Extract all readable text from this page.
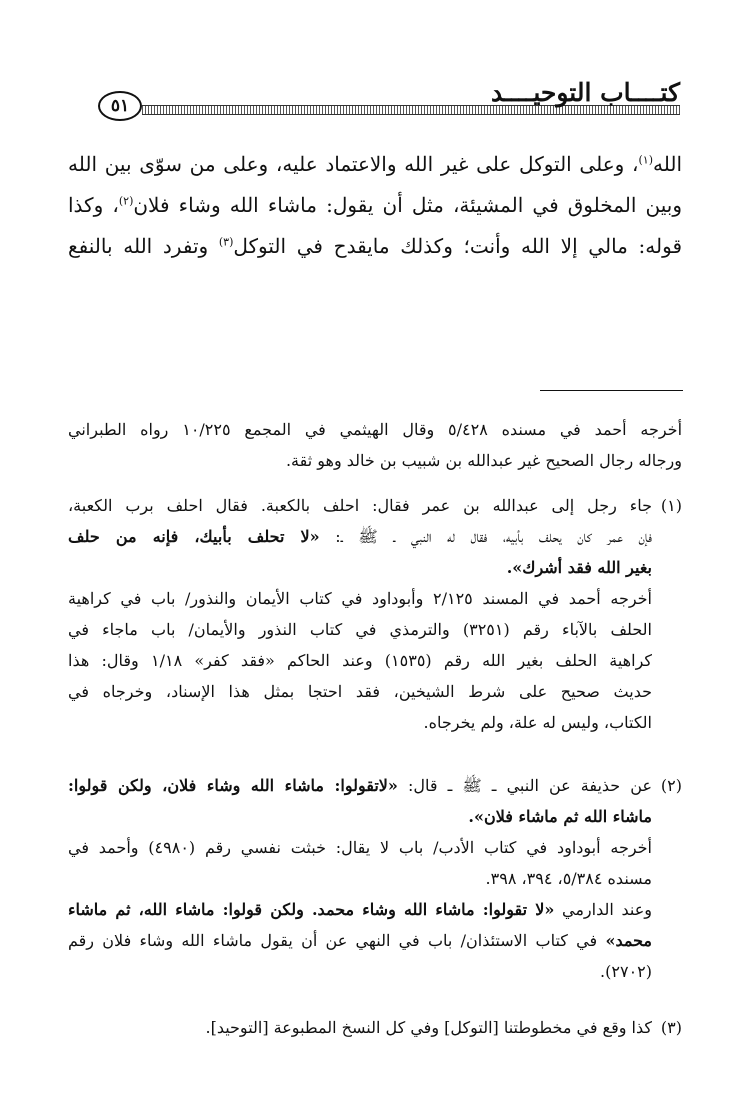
كتــــاب التوحيــــد
٥١
الله$^{(١)}$، وعلى التوكل على غير الله والاعتماد عليه، وعلى من سوّى بين الله
وبين المخلوق في المشيئة، مثل أن يقول: ماشاء الله وشاء فلان$^{(٢)}$، وكذا
قوله: مالي إلا الله وأنت؛ وكذلك مايقدح في التوكل$^{(٣)}$ وتفرد الله بالنفع
أخرجه أحمد في مسنده ٥/٤٢٨ وقال الهيثمي في المجمع ١٠/٢٢٥ رواه الطبراني
ورجاله رجال الصحيح غير عبدالله بن شبيب بن خالد وهو ثقة.
(١)
جاء رجل إلى عبدالله بن عمر فقال: احلف بالكعبة. فقال احلف برب الكعبة،
فإن عمر كان يحلف بأبيه، فقال له النبي ـ ﷺ ـ: «لا تحلف بأبيك، فإنه من حلف
بغير الله فقد أشرك».
أخرجه أحمد في المسند ٢/١٢٥ وأبوداود في كتاب الأيمان والنذور/ باب في كراهية
الحلف بالآباء رقم (٣٢٥١) والترمذي في كتاب النذور والأيمان/ باب ماجاء في
كراهية الحلف بغير الله رقم (١٥٣٥) وعند الحاكم «فقد كفر» ١/١٨ وقال: هذا
حديث صحيح على شرط الشيخين، فقد احتجا بمثل هذا الإسناد، وخرجاه في
الكتاب، وليس له علة، ولم يخرجاه.
(٢)
عن حذيفة عن النبي ـ ﷺ ـ قال: «لاتقولوا: ماشاء الله وشاء فلان، ولكن قولوا:
ماشاء الله ثم ماشاء فلان».
أخرجه أبوداود في كتاب الأدب/ باب لا يقال: خبثت نفسي رقم (٤٩٨٠) وأحمد في
مسنده ٥/٣٨٤، ٣٩٤، ٣٩٨.
وعند الدارمي «لا تقولوا: ماشاء الله وشاء محمد. ولكن قولوا: ماشاء الله، ثم ماشاء
محمد» في كتاب الاستئذان/ باب في النهي عن أن يقول ماشاء الله وشاء فلان رقم
(٢٧٠٢).
(٣)
كذا وقع في مخطوطتنا [التوكل] وفي كل النسخ المطبوعة [التوحيد].
